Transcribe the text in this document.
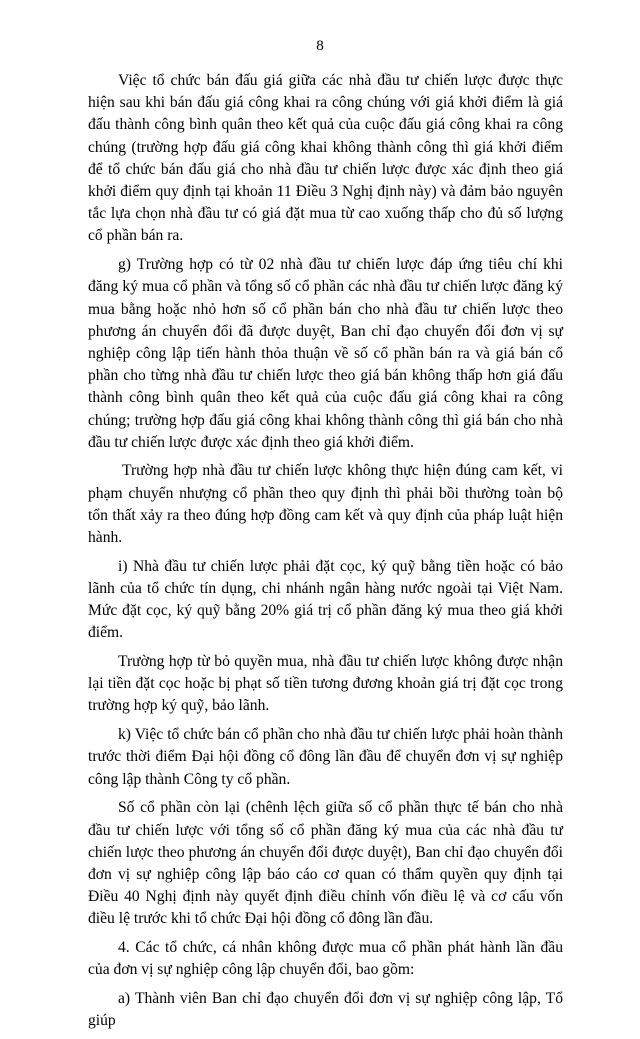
8

Việc tổ chức bán đấu giá giữa các nhà đầu tư chiến lược được thực hiện sau khi bán đấu giá công khai ra công chúng với giá khởi điểm là giá đấu thành công bình quân theo kết quả của cuộc đấu giá công khai ra công chúng (trường hợp đấu giá công khai không thành công thì giá khởi điểm để tổ chức bán đấu giá cho nhà đầu tư chiến lược được xác định theo giá khởi điểm quy định tại khoản 11 Điều 3 Nghị định này) và đảm bảo nguyên tắc lựa chọn nhà đầu tư có giá đặt mua từ cao xuống thấp cho đủ số lượng cổ phần bán ra.

g) Trường hợp có từ 02 nhà đầu tư chiến lược đáp ứng tiêu chí khi đăng ký mua cổ phần và tổng số cổ phần các nhà đầu tư chiến lược đăng ký mua bằng hoặc nhỏ hơn số cổ phần bán cho nhà đầu tư chiến lược theo phương án chuyển đổi đã được duyệt, Ban chỉ đạo chuyển đổi đơn vị sự nghiệp công lập tiến hành thỏa thuận về số cổ phần bán ra và giá bán cổ phần cho từng nhà đầu tư chiến lược theo giá bán không thấp hơn giá đấu thành công bình quân theo kết quả của cuộc đấu giá công khai ra công chúng; trường hợp đấu giá công khai không thành công thì giá bán cho nhà đầu tư chiến lược được xác định theo giá khởi điểm.

Trường hợp nhà đầu tư chiến lược không thực hiện đúng cam kết, vi phạm chuyển nhượng cổ phần theo quy định thì phải bồi thường toàn bộ tổn thất xảy ra theo đúng hợp đồng cam kết và quy định của pháp luật hiện hành.

i) Nhà đầu tư chiến lược phải đặt cọc, ký quỹ bằng tiền hoặc có bảo lãnh của tổ chức tín dụng, chi nhánh ngân hàng nước ngoài tại Việt Nam. Mức đặt cọc, ký quỹ bằng 20% giá trị cổ phần đăng ký mua theo giá khởi điểm.

Trường hợp từ bỏ quyền mua, nhà đầu tư chiến lược không được nhận lại tiền đặt cọc hoặc bị phạt số tiền tương đương khoản giá trị đặt cọc trong trường hợp ký quỹ, bảo lãnh.

k) Việc tổ chức bán cổ phần cho nhà đầu tư chiến lược phải hoàn thành trước thời điểm Đại hội đồng cổ đông lần đầu để chuyển đơn vị sự nghiệp công lập thành Công ty cổ phần.

Số cổ phần còn lại (chênh lệch giữa số cổ phần thực tế bán cho nhà đầu tư chiến lược với tổng số cổ phần đăng ký mua của các nhà đầu tư chiến lược theo phương án chuyển đổi được duyệt), Ban chỉ đạo chuyển đổi đơn vị sự nghiệp công lập báo cáo cơ quan có thẩm quyền quy định tại Điều 40 Nghị định này quyết định điều chỉnh vốn điều lệ và cơ cấu vốn điều lệ trước khi tổ chức Đại hội đồng cổ đông lần đầu.

4. Các tổ chức, cá nhân không được mua cổ phần phát hành lần đầu của đơn vị sự nghiệp công lập chuyển đổi, bao gồm:

a) Thành viên Ban chỉ đạo chuyển đổi đơn vị sự nghiệp công lập, Tổ giúp
